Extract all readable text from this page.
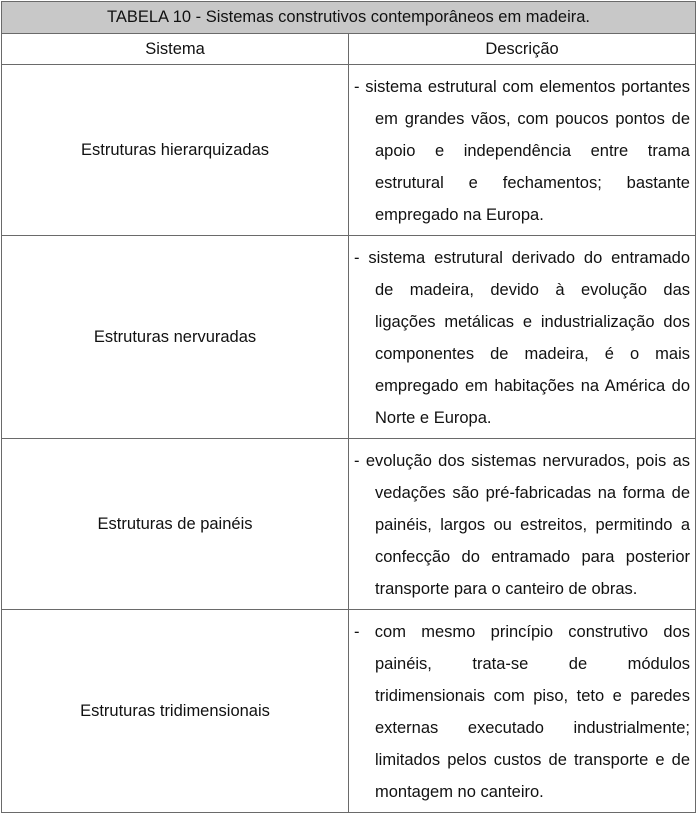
TABELA 10 - Sistemas construtivos contemporâneos em madeira.	
Sistema	Descrição
Estruturas hierarquizadas	- sistema estrutural com elementos portantes em grandes vãos, com poucos pontos de apoio e independência entre trama estrutural e fechamentos; bastante empregado na Europa.
Estruturas nervuradas	- sistema estrutural derivado do entramado de madeira, devido à evolução das ligações metálicas e industrialização dos componentes de madeira, é o mais empregado em habitações na América do Norte e Europa.
Estruturas de painéis	- evolução dos sistemas nervurados, pois as vedações são pré-fabricadas na forma de painéis, largos ou estreitos, permitindo a confecção do entramado para posterior transporte para o canteiro de obras.
Estruturas tridimensionais	- com mesmo princípio construtivo dos painéis, trata-se de módulos tridimensionais com piso, teto e paredes externas executado industrialmente; limitados pelos custos de transporte e de montagem no canteiro.
